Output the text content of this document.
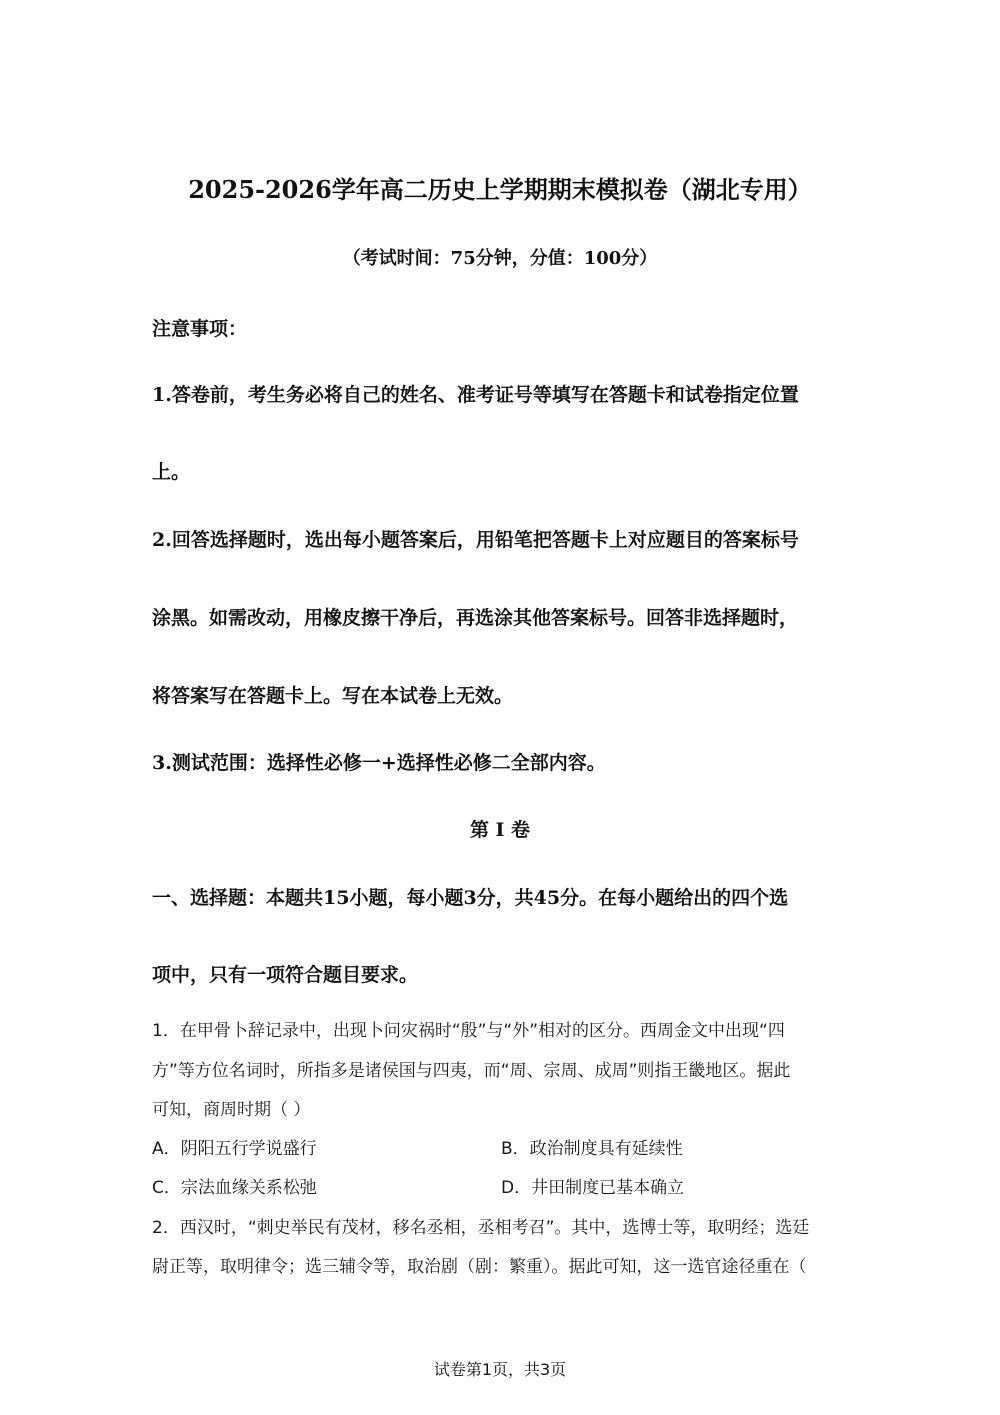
2025-2026学年高二历史上学期期末模拟卷（湖北专用）
（考试时间：75分钟，分值：100分）
注意事项：
1.答卷前，考生务必将自己的姓名、准考证号等填写在答题卡和试卷指定位置
上。
2.回答选择题时，选出每小题答案后，用铅笔把答题卡上对应题目的答案标号
涂黑。如需改动，用橡皮擦干净后，再选涂其他答案标号。回答非选择题时，
将答案写在答题卡上。写在本试卷上无效。
3.测试范围：选择性必修一+选择性必修二全部内容。
第 I 卷
一、选择题：本题共15小题，每小题3分，共45分。在每小题给出的四个选
项中，只有一项符合题目要求。
1．在甲骨卜辞记录中，出现卜问灾祸时“殷”与“外”相对的区分。西周金文中出现“四
方”等方位名词时，所指多是诸侯国与四夷，而“周、宗周、成周”则指王畿地区。据此
可知，商周时期（ ）
A．阴阳五行学说盛行	B．政治制度具有延续性
C．宗法血缘关系松弛	D．井田制度已基本确立
2．西汉时，“刺史举民有茂材，移名丞相，丞相考召”。其中，选博士等，取明经；选廷
尉正等，取明律令；选三辅令等，取治剧（剧：繁重）。据此可知，这一选官途径重在（
试卷第1页，共3页
